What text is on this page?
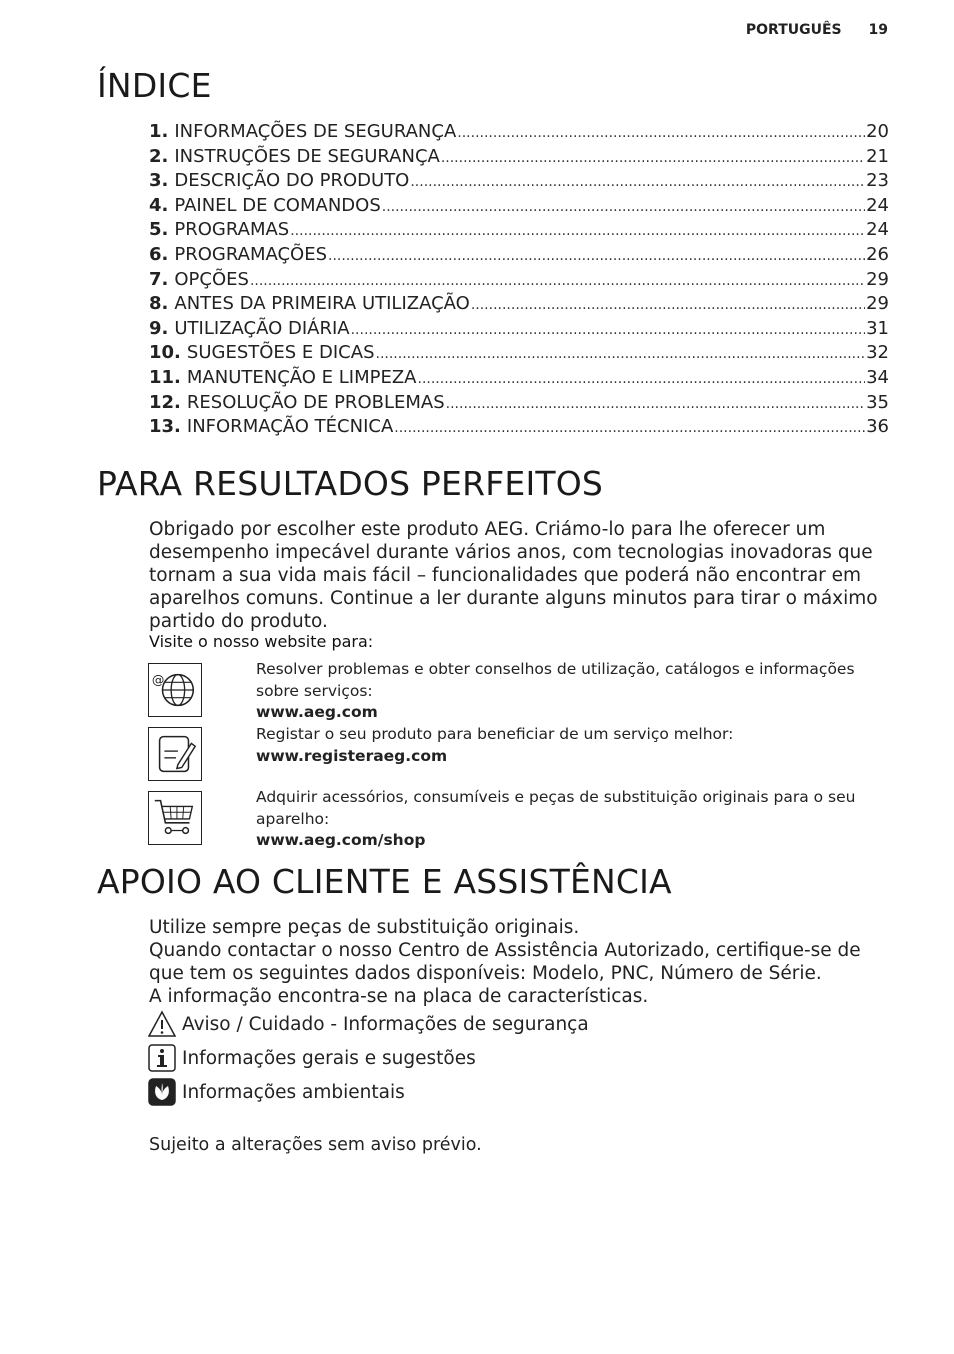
PORTUGUÊS 19
ÍNDICE
1. INFORMAÇÕES DE SEGURANÇA .....	20
2. INSTRUÇÕES DE SEGURANÇA .....	21
3. DESCRIÇÃO DO PRODUTO .....	23
4. PAINEL DE COMANDOS .....	24
5. PROGRAMAS .....	24
6. PROGRAMAÇÕES .....	26
7. OPÇÕES .....	29
8. ANTES DA PRIMEIRA UTILIZAÇÃO .....	29
9. UTILIZAÇÃO DIÁRIA .....	31
10. SUGESTÕES E DICAS .....	32
11. MANUTENÇÃO E LIMPEZA .....	34
12. RESOLUÇÃO DE PROBLEMAS .....	35
13. INFORMAÇÃO TÉCNICA .....	36
PARA RESULTADOS PERFEITOS

Obrigado por escolher este produto AEG. Criámo-lo para lhe oferecer um

desempenho impecável durante vários anos, com tecnologias inovadoras que

tornam a sua vida mais fácil – funcionalidades que poderá não encontrar em

aparelhos comuns. Continue a ler durante alguns minutos para tirar o máximo

partido do produto.

Visite o nosso website para:
@
Resolver problemas e obter conselhos de utilização, catálogos e informações
sobre serviços:
www.aeg.com
Registar o seu produto para beneficiar de um serviço melhor:
www.registeraeg.com
Adquirir acessórios, consumíveis e peças de substituição originais para o seu
aparelho:
www.aeg.com/shop
APOIO AO CLIENTE E ASSISTÊNCIA

Utilize sempre peças de substituição originais.

Quando contactar o nosso Centro de Assistência Autorizado, certifique-se de

que tem os seguintes dados disponíveis: Modelo, PNC, Número de Série.

A informação encontra-se na placa de características.

Aviso / Cuidado - Informações de segurança
Informações gerais e sugestões
Informações ambientais
Sujeito a alterações sem aviso prévio.
